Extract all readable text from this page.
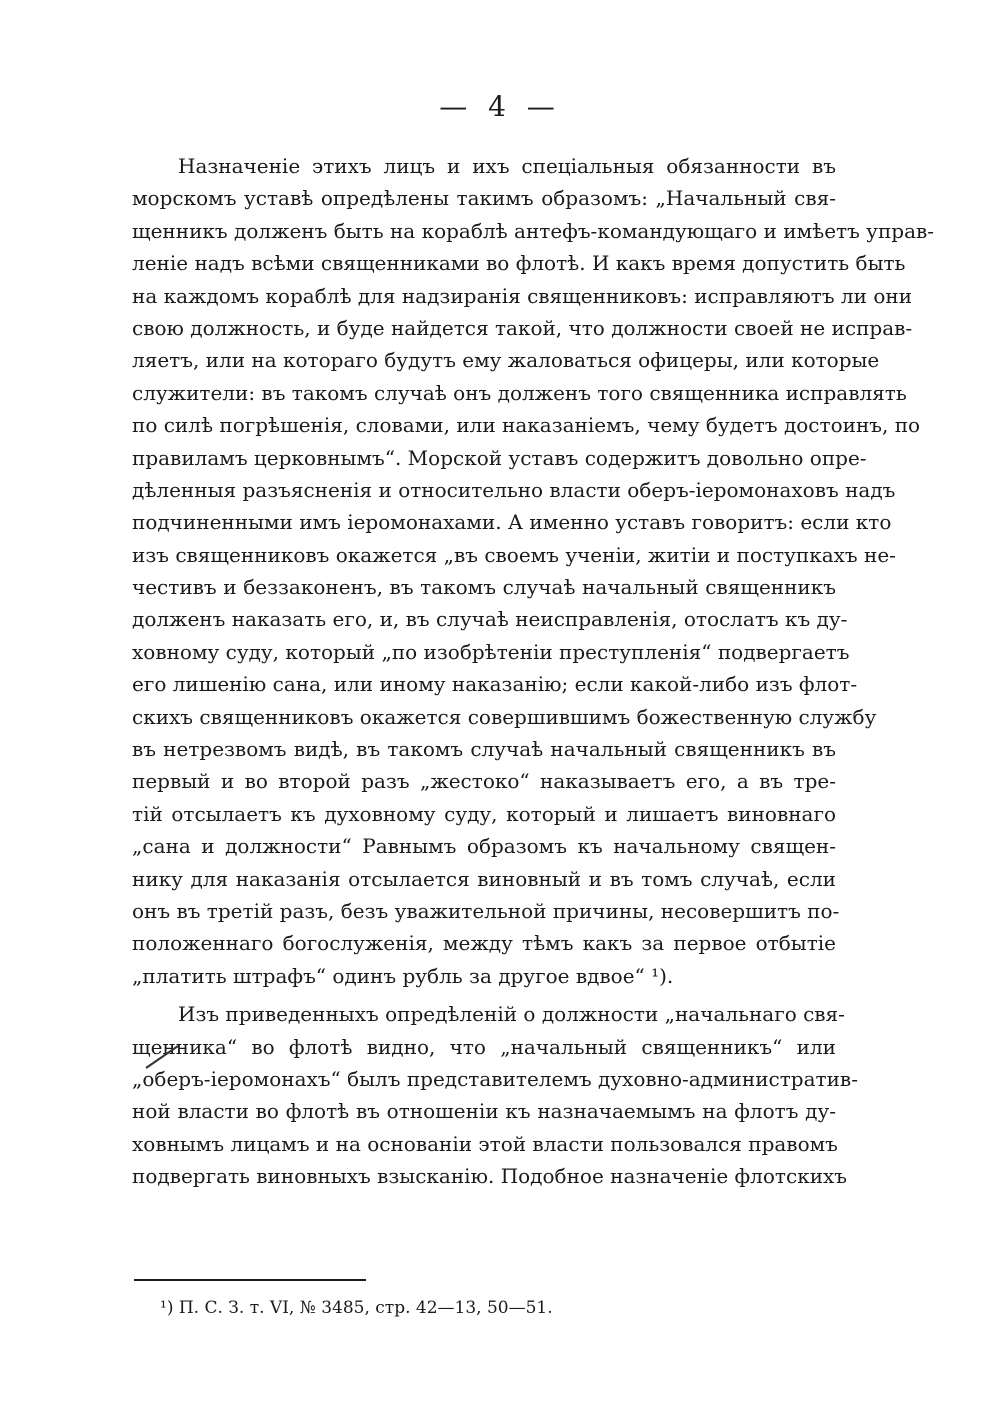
— 4 —
Назначенiе этихъ лицъ и ихъ спецiальныя обязанности въ
морскомъ уставѣ опредѣлены такимъ образомъ: „Начальный свя-
щенникъ долженъ быть на кораблѣ антефъ-командующаго и имѣетъ управ-
ленiе надъ всѣми священниками во флотѣ. И какъ время допустить быть
на каждомъ кораблѣ для надзиранiя священниковъ: исправляютъ ли они
свою должность, и буде найдется такой, что должности своей не исправ-
ляетъ, или на котораго будутъ ему жаловаться офицеры, или которые
служители: въ такомъ случаѣ онъ долженъ того священника исправлять
по силѣ погрѣшенiя, словами, или наказанiемъ, чему будетъ достоинъ, по
правиламъ церковнымъ“. Морской уставъ содержитъ довольно опре-
дѣленныя разъясненiя и относительно власти оберъ-iеромонаховъ надъ
подчиненными имъ iеромонахами. А именно уставъ говоритъ: если кто
изъ священниковъ окажется „въ своемъ ученiи, житiи и поступкахъ не-
честивъ и беззаконенъ, въ такомъ случаѣ начальный священникъ
долженъ наказать его, и, въ случаѣ неисправленiя, отослатъ къ ду-
ховному суду, который „по изобрѣтенiи преступленiя“ подвергаетъ
его лишенiю сана, или иному наказанiю; если какой-либо изъ флот-
скихъ священниковъ окажется совершившимъ божественную службу
въ нетрезвомъ видѣ, въ такомъ случаѣ начальный священникъ въ
первый и во второй разъ „жестоко“ наказываетъ его, а въ тре-
тiй отсылаетъ къ духовному суду, который и лишаетъ виновнаго
„сана и должности“ Равнымъ образомъ къ начальному священ-
нику для наказанiя отсылается виновный и въ томъ случаѣ, если
онъ въ третiй разъ, безъ уважительной причины, несовершитъ по-
положеннаго богослуженiя, между тѣмъ какъ за первое отбытiе
„платить штрафъ“ одинъ рубль за другое вдвое“ ¹).
Изъ приведенныхъ опредѣленiй о должности „начальнаго свя-
щенника“ во флотѣ видно, что „начальный священникъ“ или
„оберъ-iеромонахъ“ былъ представителемъ духовно-административ-
ной власти во флотѣ въ отношенiи къ назначаемымъ на флотъ ду-
ховнымъ лицамъ и на основанiи этой власти пользовался правомъ
подвергать виновныхъ взысканiю. Подобное назначенiе флотскихъ
¹) П. С. З. т. VI, № 3485, стр. 42—13, 50—51.
